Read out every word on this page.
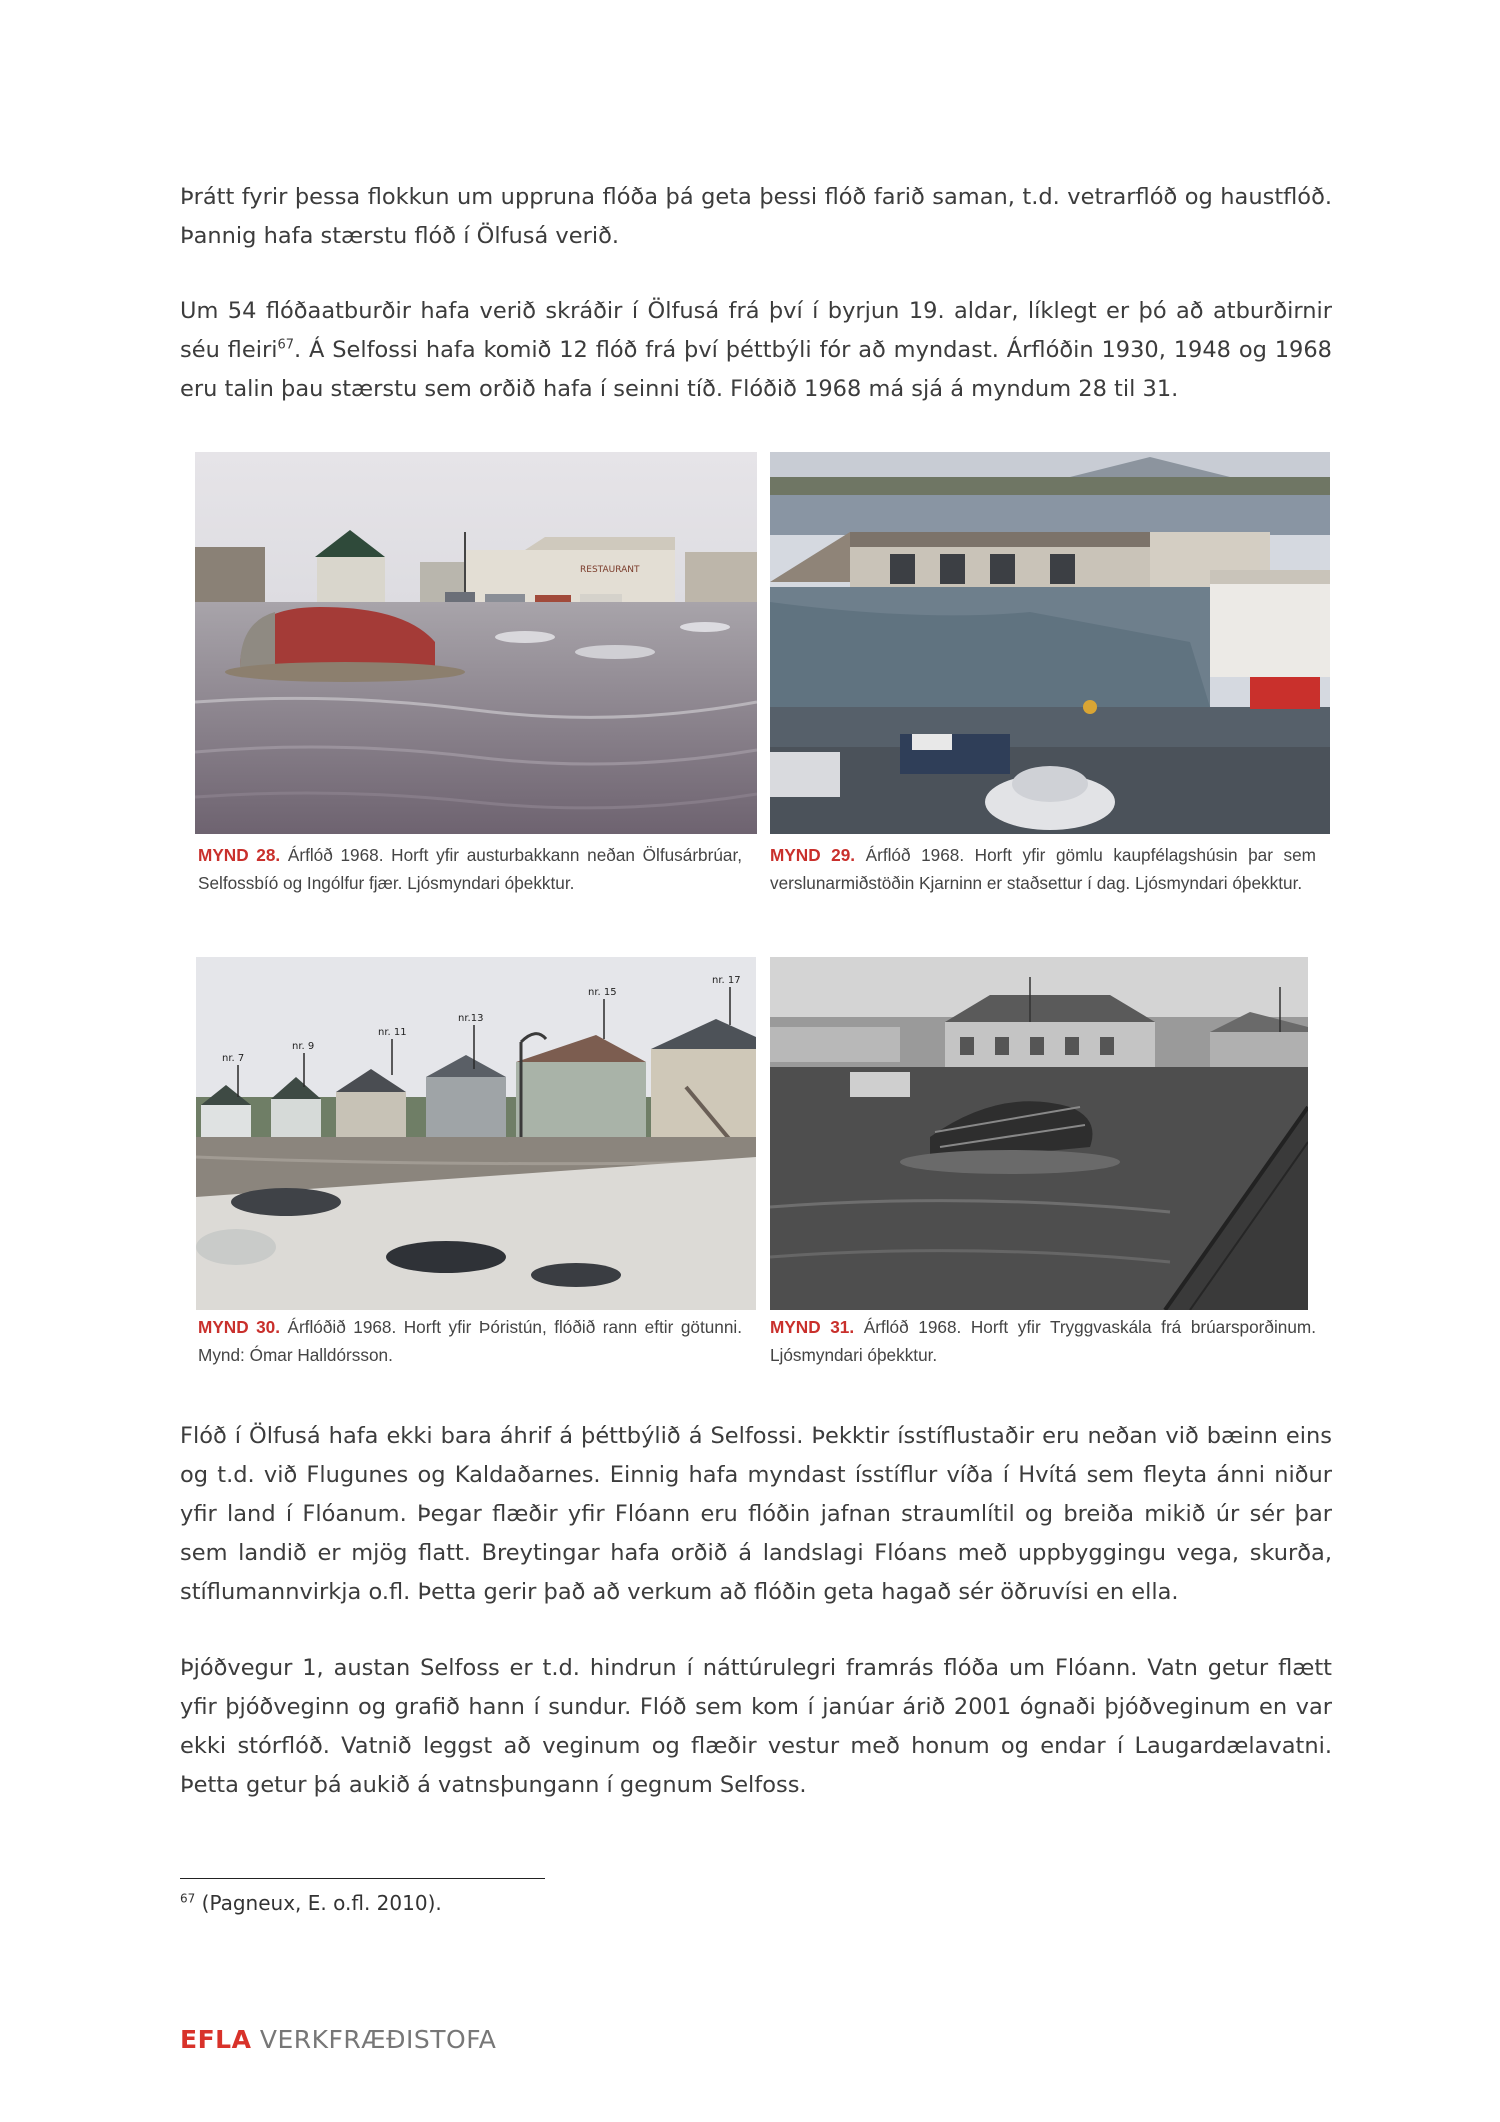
Þrátt fyrir þessa flokkun um uppruna flóða þá geta þessi flóð farið saman, t.d. vetrarflóð og haustflóð. Þannig hafa stærstu flóð í Ölfusá verið.

Um 54 flóðaatburðir hafa verið skráðir í Ölfusá frá því í byrjun 19. aldar, líklegt er þó að atburðirnir séu fleiri$^{67}$. Á Selfossi hafa komið 12 flóð frá því þéttbýli fór að myndast. Árflóðin 1930, 1948 og 1968 eru talin þau stærstu sem orðið hafa í seinni tíð. Flóðið 1968 má sjá á myndum 28 til 31.

RESTAURANT

MYND 28. Árflóð 1968. Horft yfir austurbakkann neðan Ölfusárbrúar, Selfossbíó og Ingólfur fjær. Ljósmyndari óþekktur.

MYND 29. Árflóð 1968. Horft yfir gömlu kaupfélagshúsin þar sem verslunarmiðstöðin Kjarninn er staðsettur í dag. Ljósmyndari óþekktur.

nr. 7
nr. 9
nr. 11
nr.13
nr. 15
nr. 17

MYND 30. Árflóðið 1968. Horft yfir Þóristún, flóðið rann eftir götunni. Mynd: Ómar Halldórsson.

MYND 31. Árflóð 1968. Horft yfir Tryggvaskála frá brúarsporðinum. Ljósmyndari óþekktur.

Flóð í Ölfusá hafa ekki bara áhrif á þéttbýlið á Selfossi. Þekktir ísstíflustaðir eru neðan við bæinn eins og t.d. við Flugunes og Kaldaðarnes. Einnig hafa myndast ísstíflur víða í Hvítá sem fleyta ánni niður yfir land í Flóanum. Þegar flæðir yfir Flóann eru flóðin jafnan straumlítil og breiða mikið úr sér þar sem landið er mjög flatt. Breytingar hafa orðið á landslagi Flóans með uppbyggingu vega, skurða, stíflumannvirkja o.fl. Þetta gerir það að verkum að flóðin geta hagað sér öðruvísi en ella.

Þjóðvegur 1, austan Selfoss er t.d. hindrun í náttúrulegri framrás flóða um Flóann. Vatn getur flætt yfir þjóðveginn og grafið hann í sundur. Flóð sem kom í janúar árið 2001 ógnaði þjóðveginum en var ekki stórflóð. Vatnið leggst að veginum og flæðir vestur með honum og endar í Laugardælavatni. Þetta getur þá aukið á vatnsþungann í gegnum Selfoss.

$^{67}$ (Pagneux, E. o.fl. 2010).

EFLA VERKFRÆÐISTOFA
